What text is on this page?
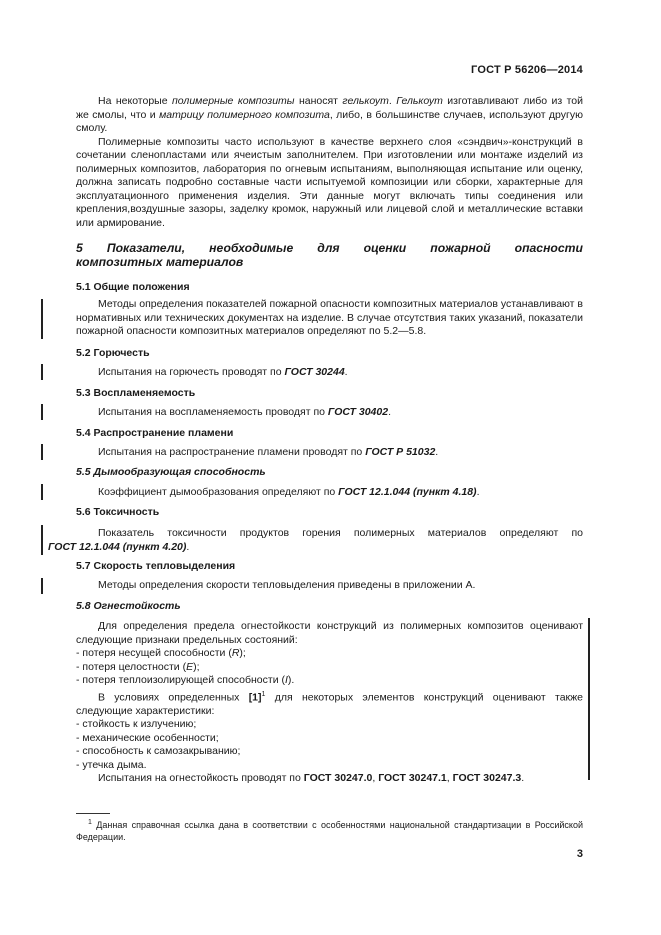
ГОСТ Р 56206—2014

На некоторые полимерные композиты наносят гелькоут. Гелькоут изготавливают либо из той же смолы, что и матрицу полимерного композита, либо, в большинстве случаев, используют другую смолу.

Полимерные композиты часто используют в качестве верхнего слоя «сэндвич»-конструкций в сочетании сленопластами или ячеистым заполнителем. При изготовлении или монтаже изделий из полимерных композитов, лаборатория по огневым испытаниям, выполняющая испытание или оценку, должна записать подробно составные части испытуемой композиции или сборки, характерные для эксплуатационного применения изделия. Эти данные могут включать типы соединения или крепления,воздушные зазоры, заделку кромок, наружный или лицевой слой и металлические вставки или армирование.

5 Показатели, необходимые для оценки пожарной опасности
композитных материалов
5.1 Общие положения
Методы определения показателей пожарной опасности композитных материалов устанавливают в нормативных или технических документах на изделие. В случае отсутствия таких указаний, показатели пожарной опасности композитных материалов определяют по 5.2—5.8.
5.2 Горючесть
Испытания на горючесть проводят по ГОСТ 30244.
5.3 Воспламеняемость
Испытания на воспламеняемость проводят по ГОСТ 30402.
5.4 Распространение пламени
Испытания на распространение пламени проводят по ГОСТ Р 51032.
5.5 Дымообразующая способность
Коэффициент дымообразования определяют по ГОСТ 12.1.044 (пункт 4.18).
5.6 Токсичность
Показатель токсичности продуктов горения полимерных материалов определяют по
ГОСТ 12.1.044 (пункт 4.20).
5.7 Скорость тепловыделения
Методы определения скорости тепловыделения приведены в приложении А.
5.8 Огнестойкость

Для определения предела огнестойкости конструкций из полимерных композитов оценивают следующие признаки предельных состояний:

- потеря несущей способности (R);

- потеря целостности (E);

- потеря теплоизолирующей способности (I).

В условиях определенных $[1]^1$ для некоторых элементов конструкций оценивают также следующие характеристики:

- стойкость к излучению;

- механические особенности;

- способность к самозакрыванию;

- утечка дыма.

Испытания на огнестойкость проводят по ГОСТ 30247.0, ГОСТ 30247.1, ГОСТ 30247.3.

$^1$ Данная справочная ссылка дана в соответствии с особенностями национальной стандартизации в Российской Федерации.
3
